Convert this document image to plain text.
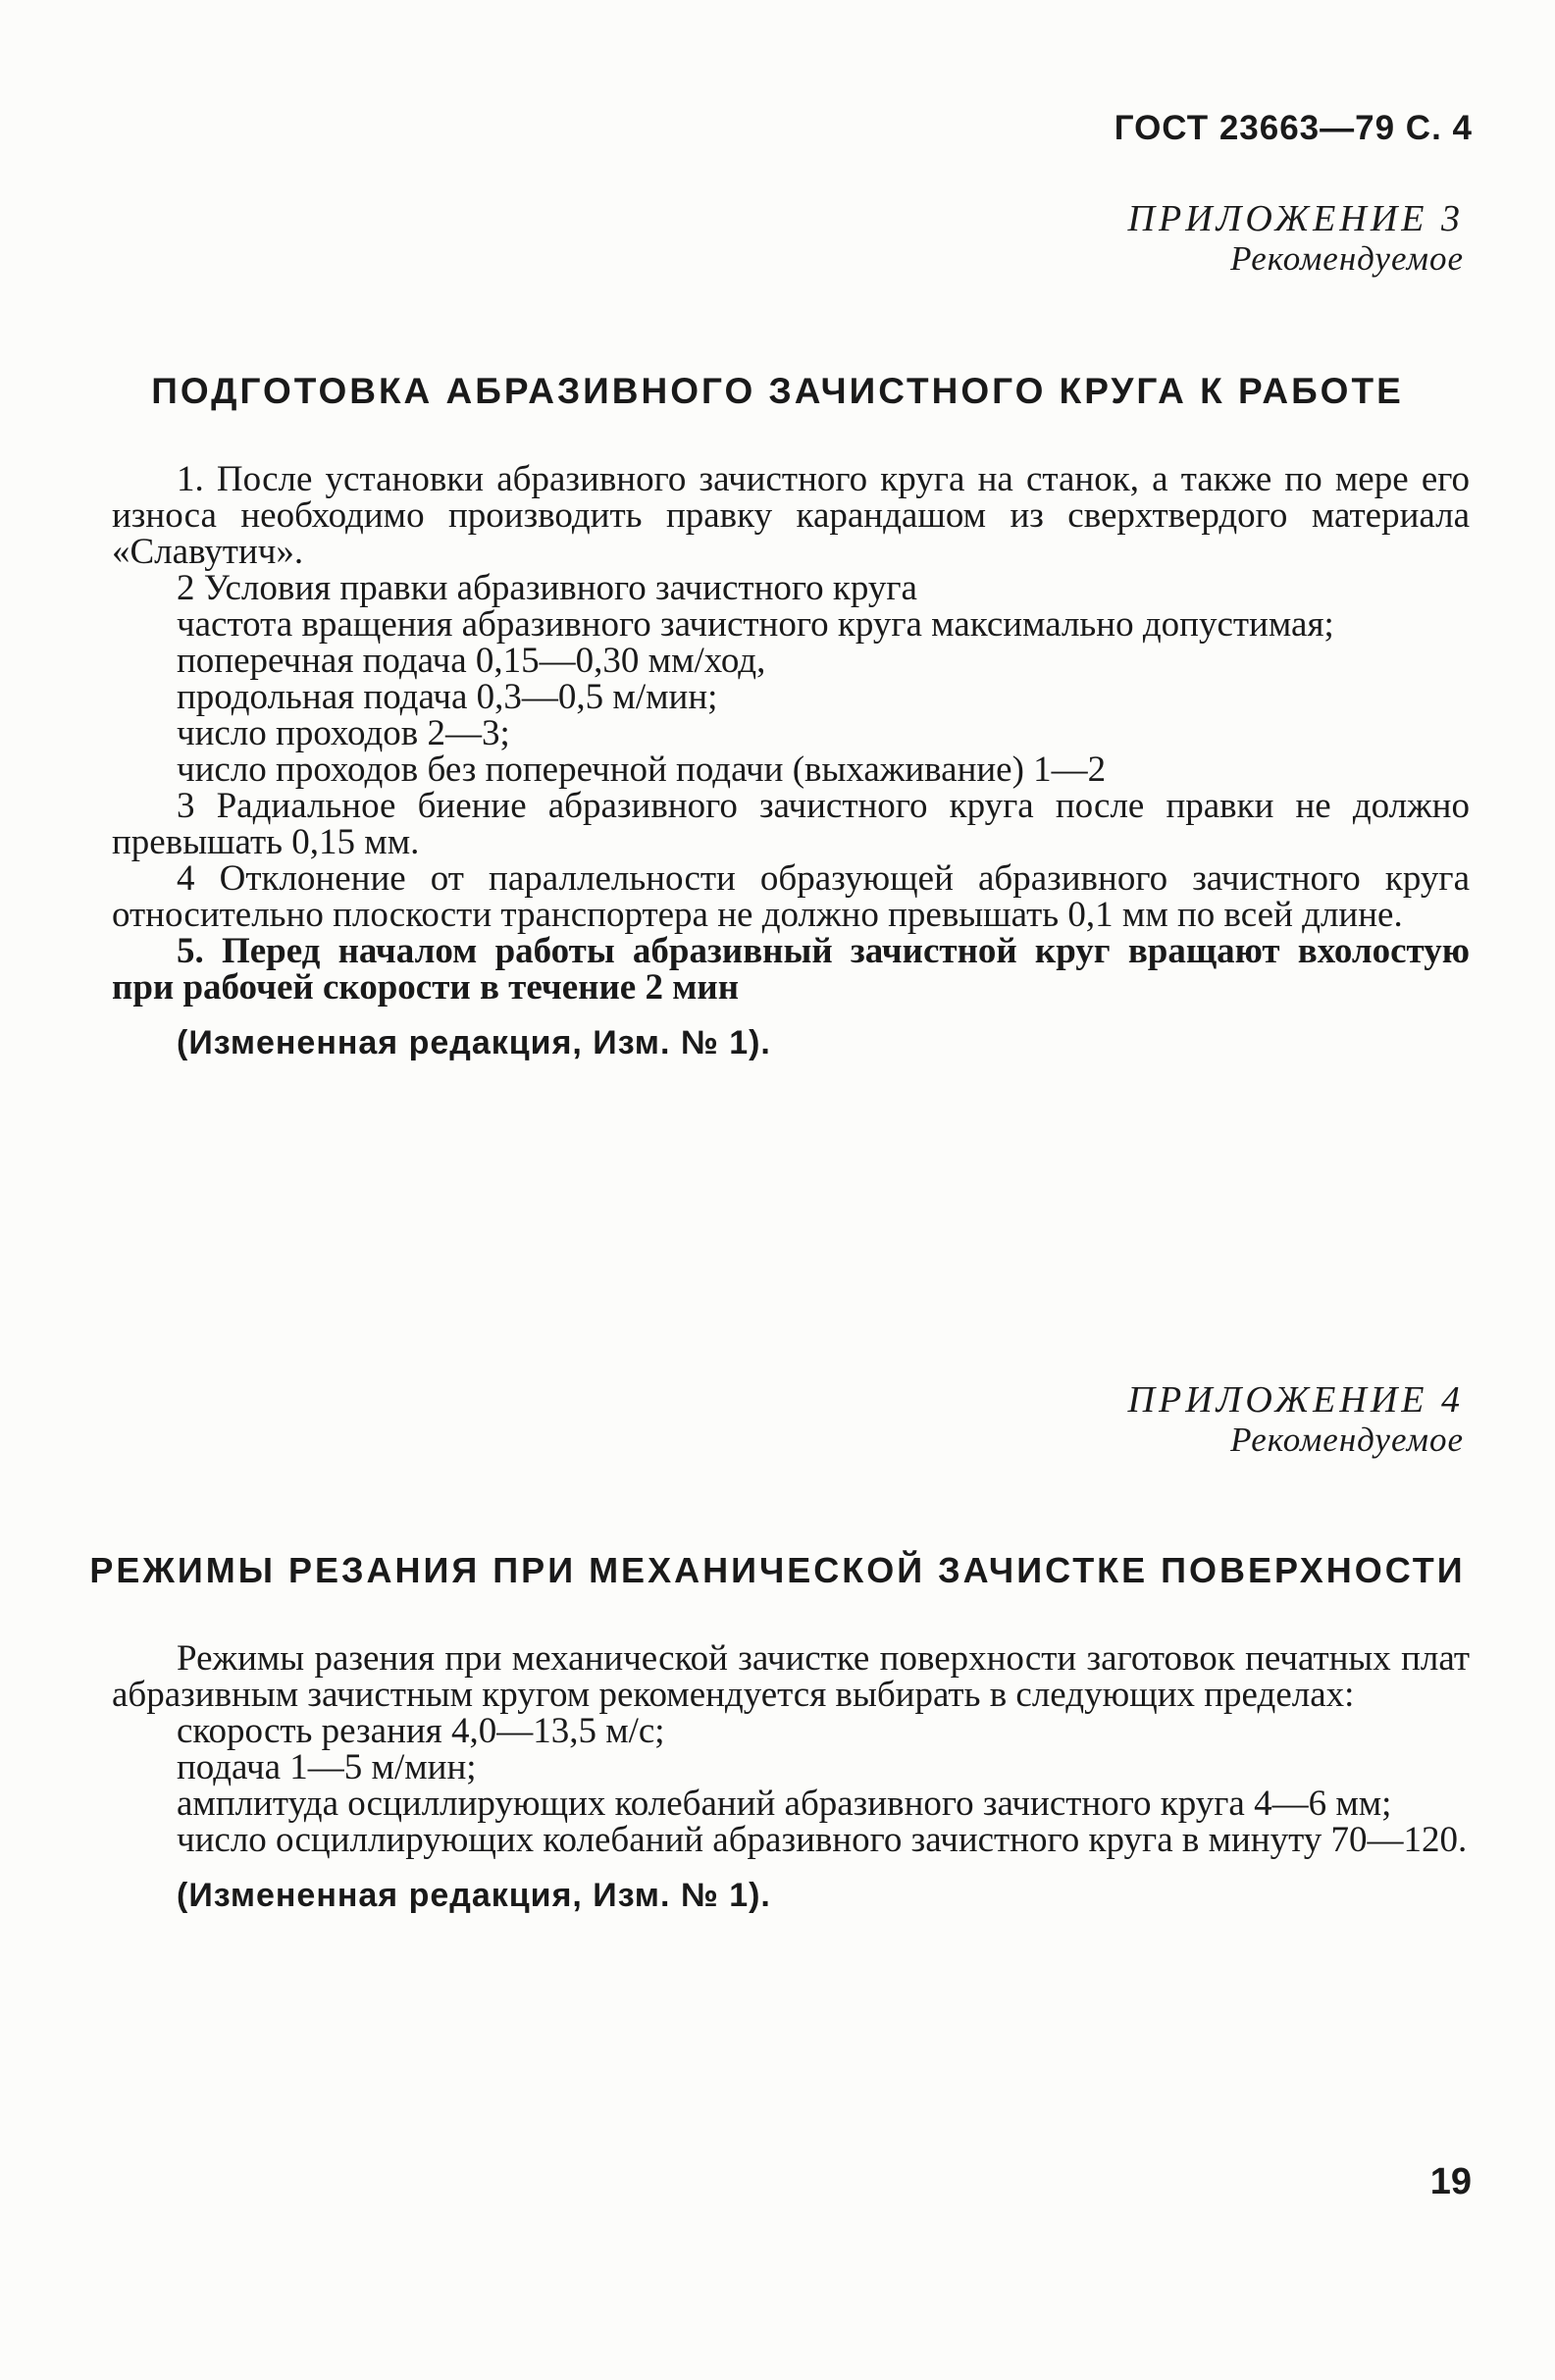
ГОСТ 23663—79 С. 4
ПРИЛОЖЕНИЕ 3
Рекомендуемое
ПОДГОТОВКА АБРАЗИВНОГО ЗАЧИСТНОГО КРУГА К РАБОТЕ

1. После установки абразивного зачистного круга на станок, а также по мере его износа необходимо производить правку карандашом из сверхтвердого материала «Славутич».

2 Условия правки абразивного зачистного круга

частота вращения абразивного зачистного круга максимально допустимая;

поперечная подача 0,15—0,30 мм/ход,

продольная подача 0,3—0,5 м/мин;

число проходов 2—3;

число проходов без поперечной подачи (выхаживание) 1—2

3 Радиальное биение абразивного зачистного круга после правки не должно превышать 0,15 мм.

4 Отклонение от параллельности образующей абразивного зачистного круга относительно плоскости транспортера не должно превышать 0,1 мм по всей длине.

5. Перед началом работы абразивный зачистной круг вращают вхолостую при рабочей скорости в течение 2 мин

(Измененная редакция, Изм. № 1).

ПРИЛОЖЕНИЕ 4
Рекомендуемое
РЕЖИМЫ РЕЗАНИЯ ПРИ МЕХАНИЧЕСКОЙ ЗАЧИСТКЕ ПОВЕРХНОСТИ

Режимы разения при механической зачистке поверхности заготовок печатных плат абразивным зачистным кругом рекомендуется выбирать в следующих пределах:

скорость резания 4,0—13,5 м/с;

подача 1—5 м/мин;

амплитуда осциллирующих колебаний абразивного зачистного круга 4—6 мм;

число осциллирующих колебаний абразивного зачистного круга в минуту 70—120.

(Измененная редакция, Изм. № 1).

19
